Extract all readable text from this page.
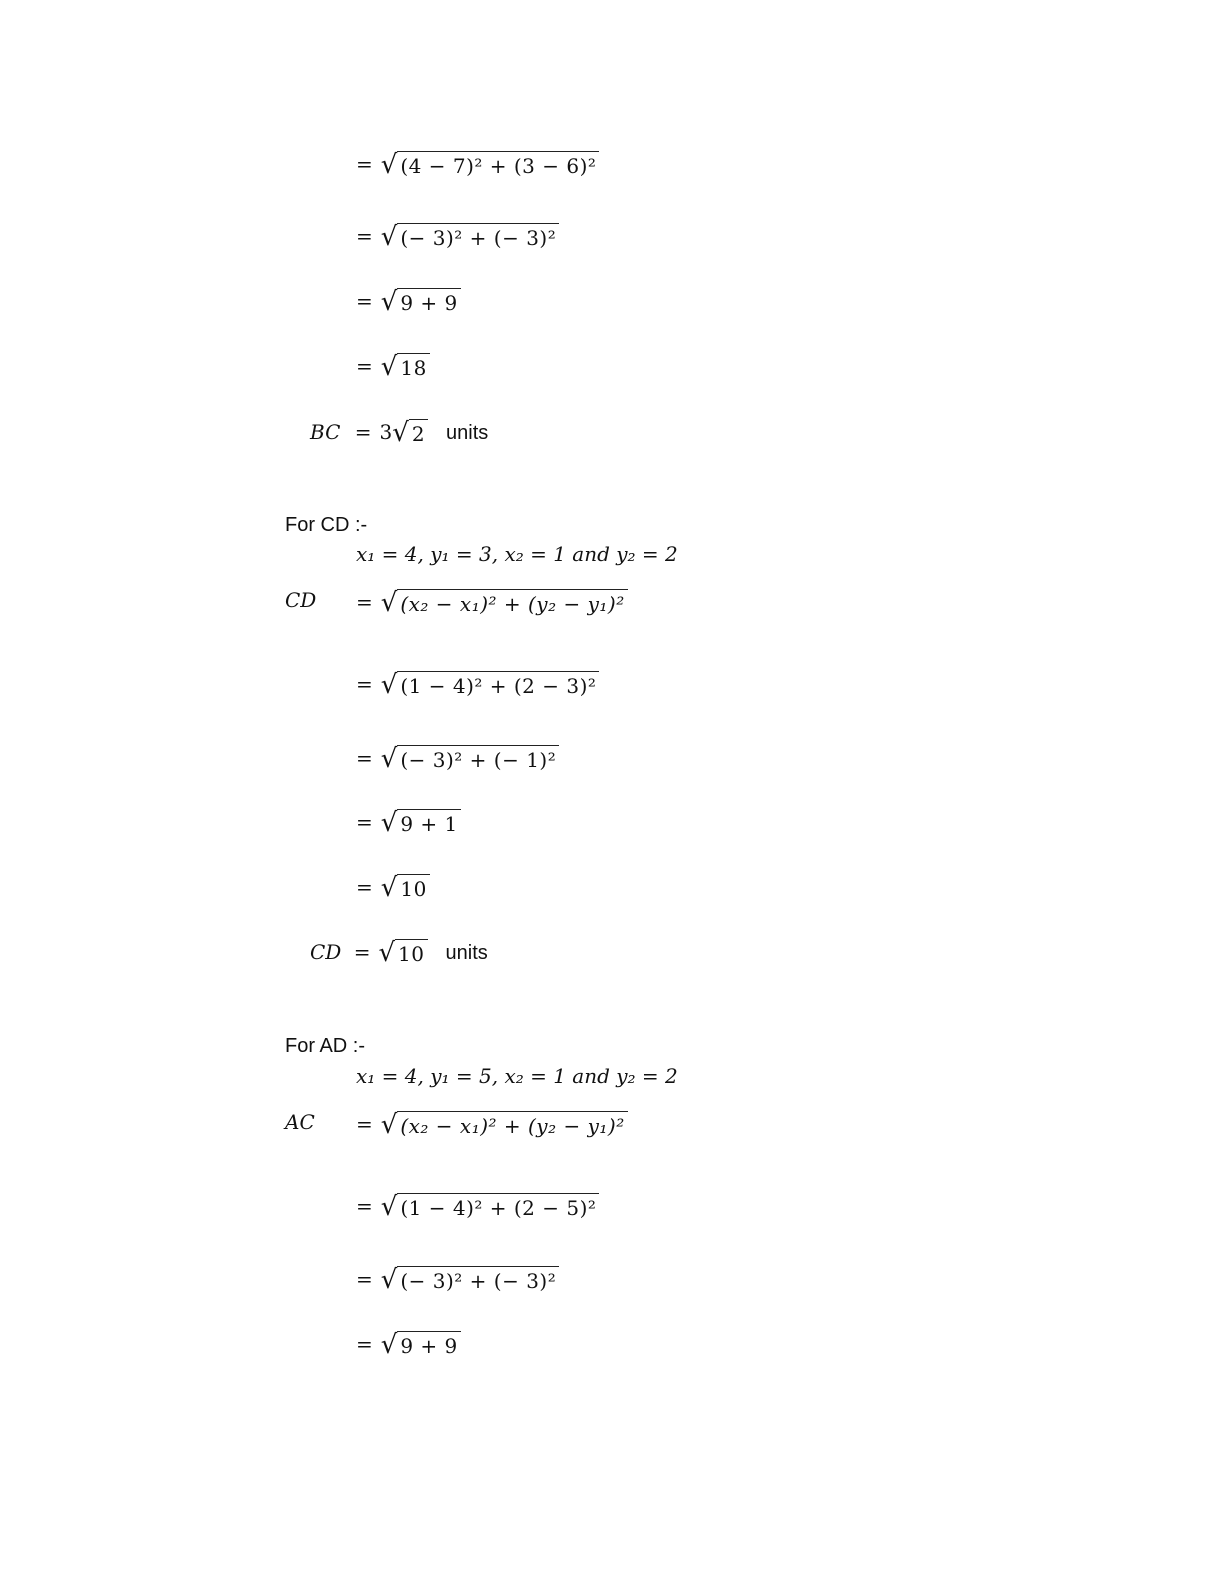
= √ (4 − 7)² + (3 − 6)²
= √ (− 3)² + (− 3)²
= √ 9 + 9
= √ 18
BC = 3 √ 2 units
For CD :-
x₁ = 4, y₁ = 3, x₂ = 1 and y₂ = 2
CD = √ (x₂ − x₁)² + (y₂ − y₁)²
= √ (1 − 4)² + (2 − 3)²
= √ (− 3)² + (− 1)²
= √ 9 + 1
= √ 10
CD = √ 10 units
For AD :-
x₁ = 4, y₁ = 5, x₂ = 1 and y₂ = 2
AC = √ (x₂ − x₁)² + (y₂ − y₁)²
= √ (1 − 4)² + (2 − 5)²
= √ (− 3)² + (− 3)²
= √ 9 + 9
